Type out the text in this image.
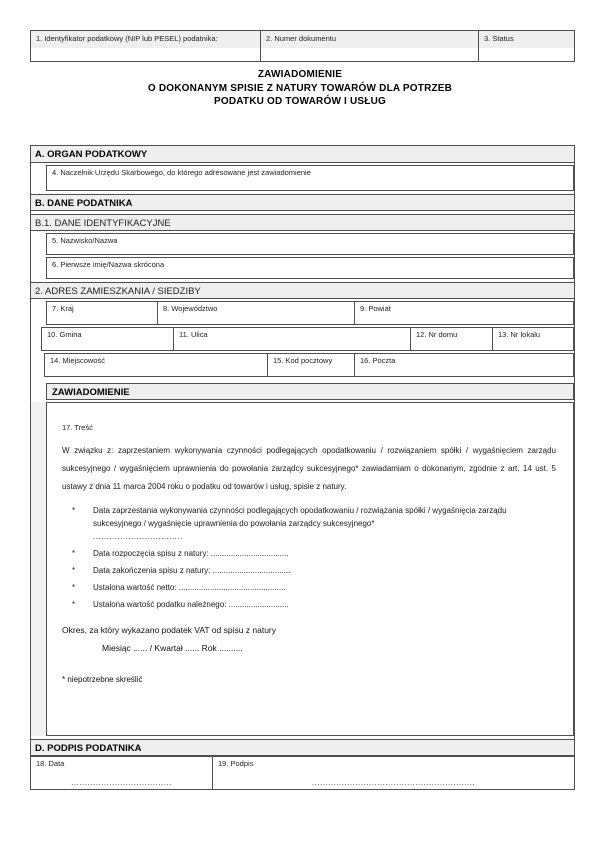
1. Identyfikator podatkowy (NIP lub PESEL) podatnika:	2. Numer dokumentu	3. Status
ZAWIADOMIENIE
O DOKONANYM SPISIE Z NATURY TOWARÓW DLA POTRZEB
PODATKU OD TOWARÓW I USŁUG
A. ORGAN PODATKOWY
4. Naczelnik Urzędu Skarbowego, do którego adresowane jest zawiadomienie
B. DANE PODATNIKA
B.1. DANE IDENTYFIKACYJNE
5. Nazwisko/Nazwa
6. Pierwsze imię/Nazwa skrócona
2. ADRES ZAMIESZKANIA / SIEDZIBY
7. Kraj	8. Województwo	9. Powiat
10. Gmina	11. Ulica	12. Nr domu	13. Nr lokalu
14. Miejscowość	15. Kod pocztowy	16. Poczta
ZAWIADOMIENIE
17. Treść
W związku z: zaprzestaniem wykonywania czynności podlegających opodatkowaniu / rozwiązaniem spółki / wygaśnięciem zarządu sukcesyjnego / wygaśnięciem uprawnienia do powołania zarządcy sukcesyjnego* zawiadamiam o dokonanym, zgodnie z art. 14 ust. 5 ustawy z dnia 11 marca 2004 roku o podatku od towarów i usług, spisie z natury.
*	Data zaprzestania wykonywania czynności podlegających opodatkowaniu / rozwiązania spółki / wygaśnięcia zarządu sukcesyjnego / wygaśnięcie uprawnienia do powołania zarządcy sukcesyjnego*
.................................
*	Data rozpoczęcia spisu z natury: ...................................
*	Data zakończenia spisu z natury: ...................................
*	Ustalona wartość netto: ................................................
*	Ustalona wartość podatku należnego: ...........................
Okres, za który wykazano podatek VAT od spisu z natury
Miesiąc ...... / Kwartał ...... Rok ..........
* niepotrzebne skreślić
D. PODPIS PODATNIKA
18. Data
.....................................
19. Podpis
............................................................
